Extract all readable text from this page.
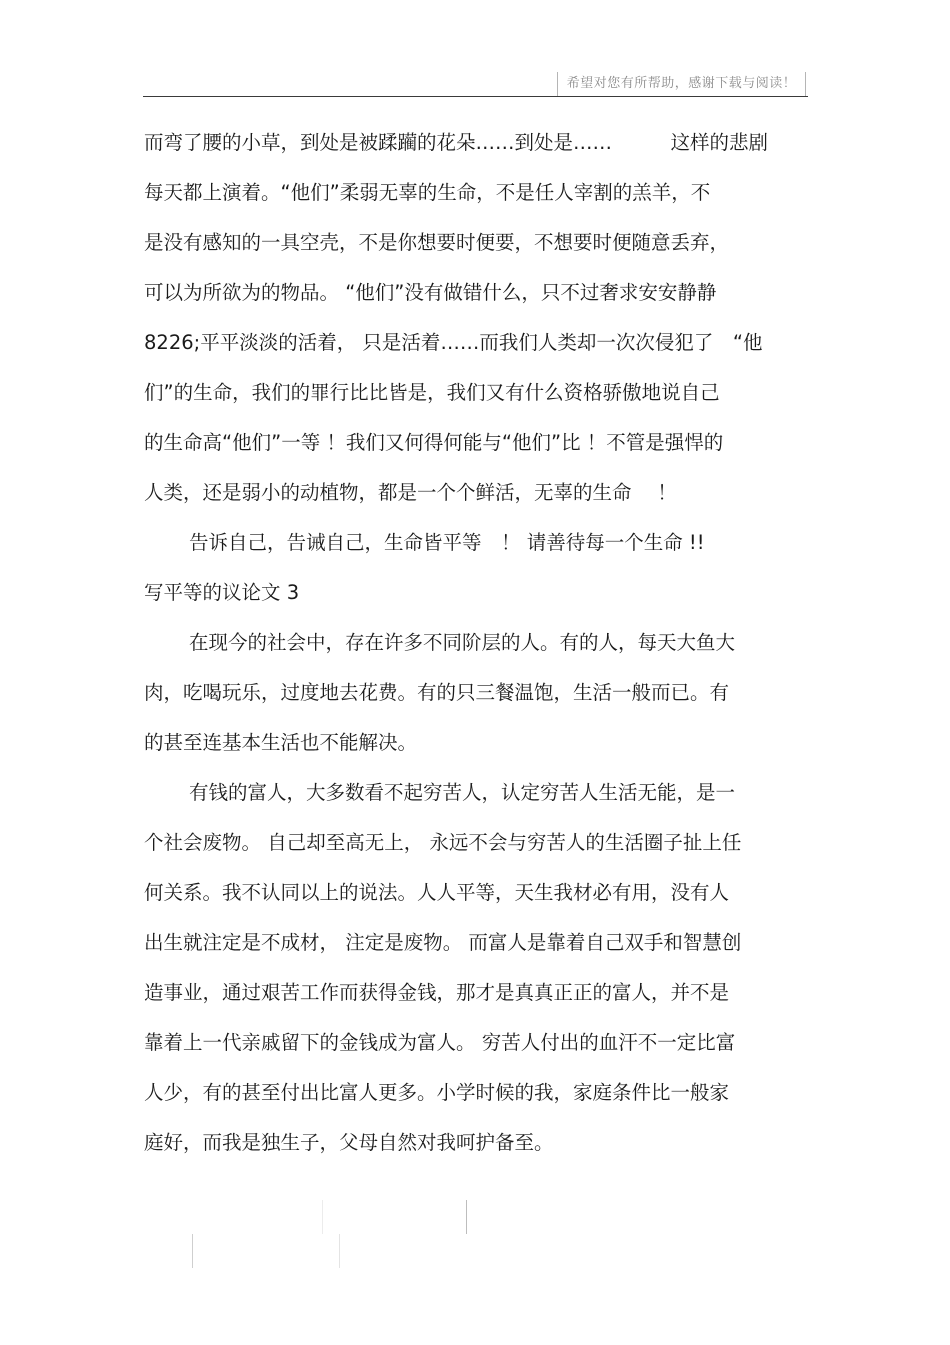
希望对您有所帮助，感谢下载与阅读！
而弯了腰的小草，到处是被蹂躏的花朵……到处是……　　　这样的悲剧
每天都上演着。“他们”柔弱无辜的生命，不是任人宰割的羔羊，不
是没有感知的一具空壳，不是你想要时便要，不想要时便随意丢弃，
可以为所欲为的物品。 “他们”没有做错什么，只不过奢求安安静静
8226;平平淡淡的活着， 只是活着……而我们人类却一次次侵犯了　“他
们”的生命，我们的罪行比比皆是，我们又有什么资格骄傲地说自己
的生命高“他们”一等 ！我们又何得何能与“他们”比 ！不管是强悍的
人类，还是弱小的动植物，都是一个个鲜活，无辜的生命　 ！
告诉自己，告诫自己，生命皆平等　！ 请善待每一个生命 !!
写平等的议论文 3
在现今的社会中，存在许多不同阶层的人。有的人，每天大鱼大
肉，吃喝玩乐，过度地去花费。有的只三餐温饱，生活一般而已。有
的甚至连基本生活也不能解决。
有钱的富人，大多数看不起穷苦人，认定穷苦人生活无能，是一
个社会废物。 自己却至高无上， 永远不会与穷苦人的生活圈子扯上任
何关系。我不认同以上的说法。人人平等，天生我材必有用，没有人
出生就注定是不成材， 注定是废物。 而富人是靠着自己双手和智慧创
造事业，通过艰苦工作而获得金钱，那才是真真正正的富人，并不是
靠着上一代亲戚留下的金钱成为富人。 穷苦人付出的血汗不一定比富
人少，有的甚至付出比富人更多。小学时候的我，家庭条件比一般家
庭好，而我是独生子，父母自然对我呵护备至。
